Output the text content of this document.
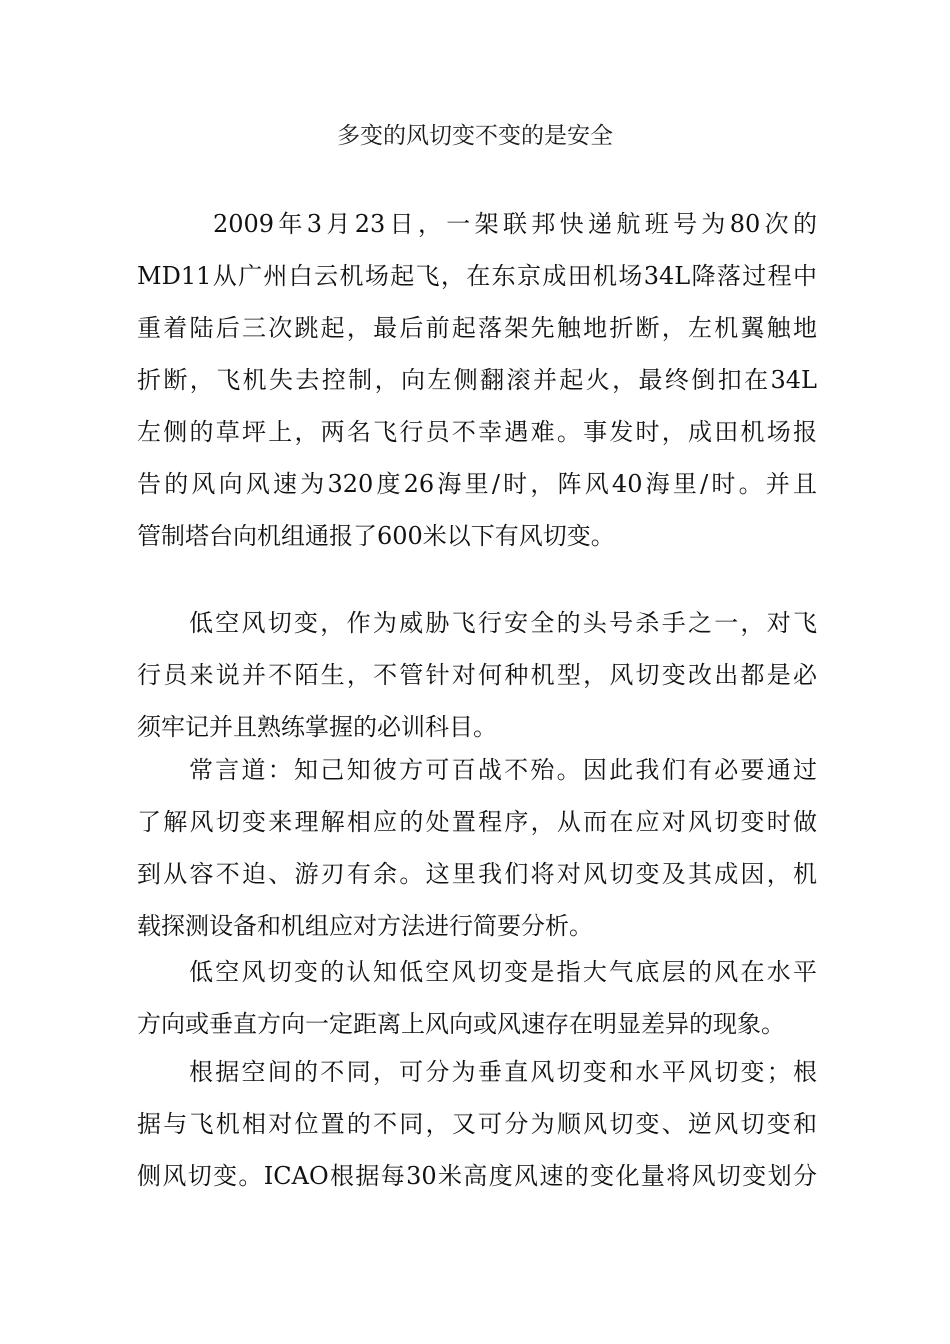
多变的风切变不变的是安全
2009年3月23日，一架联邦快递航班号为80次的
MD11从广州白云机场起飞，在东京成田机场34L降落过程中
重着陆后三次跳起，最后前起落架先触地折断，左机翼触地
折断，飞机失去控制，向左侧翻滚并起火，最终倒扣在34L
左侧的草坪上，两名飞行员不幸遇难。事发时，成田机场报
告的风向风速为320度26海里/时，阵风40海里/时。并且
管制塔台向机组通报了600米以下有风切变。
低空风切变，作为威胁飞行安全的头号杀手之一，对飞
行员来说并不陌生，不管针对何种机型，风切变改出都是必
须牢记并且熟练掌握的必训科目。
常言道：知己知彼方可百战不殆。因此我们有必要通过
了解风切变来理解相应的处置程序，从而在应对风切变时做
到从容不迫、游刃有余。这里我们将对风切变及其成因，机
载探测设备和机组应对方法进行简要分析。
低空风切变的认知低空风切变是指大气底层的风在水平
方向或垂直方向一定距离上风向或风速存在明显差异的现象。
根据空间的不同，可分为垂直风切变和水平风切变；根
据与飞机相对位置的不同，又可分为顺风切变、逆风切变和
侧风切变。ICAO根据每30米高度风速的变化量将风切变划分
